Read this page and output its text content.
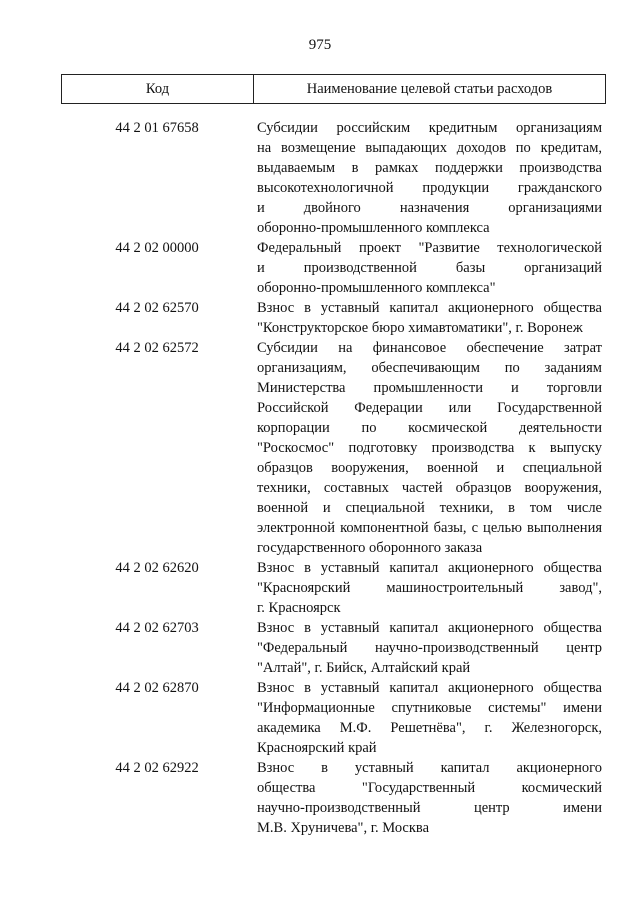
975
Код	Наименование целевой статьи расходов
44 2 01 67658	Субсидии российским кредитным организациям
на возмещение выпадающих доходов по кредитам,
выдаваемым в рамках поддержки производства
высокотехнологичной продукции гражданского
и двойного назначения организациями
оборонно-промышленного комплекса
44 2 02 00000	Федеральный проект "Развитие технологической
и производственной базы организаций
оборонно-промышленного комплекса"
44 2 02 62570	Взнос в уставный капитал акционерного общества
"Конструкторское бюро химавтоматики", г. Воронеж
44 2 02 62572	Субсидии на финансовое обеспечение затрат
организациям, обеспечивающим по заданиям
Министерства промышленности и торговли
Российской Федерации или Государственной
корпорации по космической деятельности
"Роскосмос" подготовку производства к выпуску
образцов вооружения, военной и специальной
техники, составных частей образцов вооружения,
военной и специальной техники, в том числе
электронной компонентной базы, с целью выполнения
государственного оборонного заказа
44 2 02 62620	Взнос в уставный капитал акционерного общества
"Красноярский машиностроительный завод",
г. Красноярск
44 2 02 62703	Взнос в уставный капитал акционерного общества
"Федеральный научно-производственный центр
"Алтай", г. Бийск, Алтайский край
44 2 02 62870	Взнос в уставный капитал акционерного общества
"Информационные спутниковые системы" имени
академика М.Ф. Решетнёва", г. Железногорск,
Красноярский край
44 2 02 62922	Взнос в уставный капитал акционерного
общества "Государственный космический
научно-производственный центр имени
М.В. Хруничева", г. Москва
